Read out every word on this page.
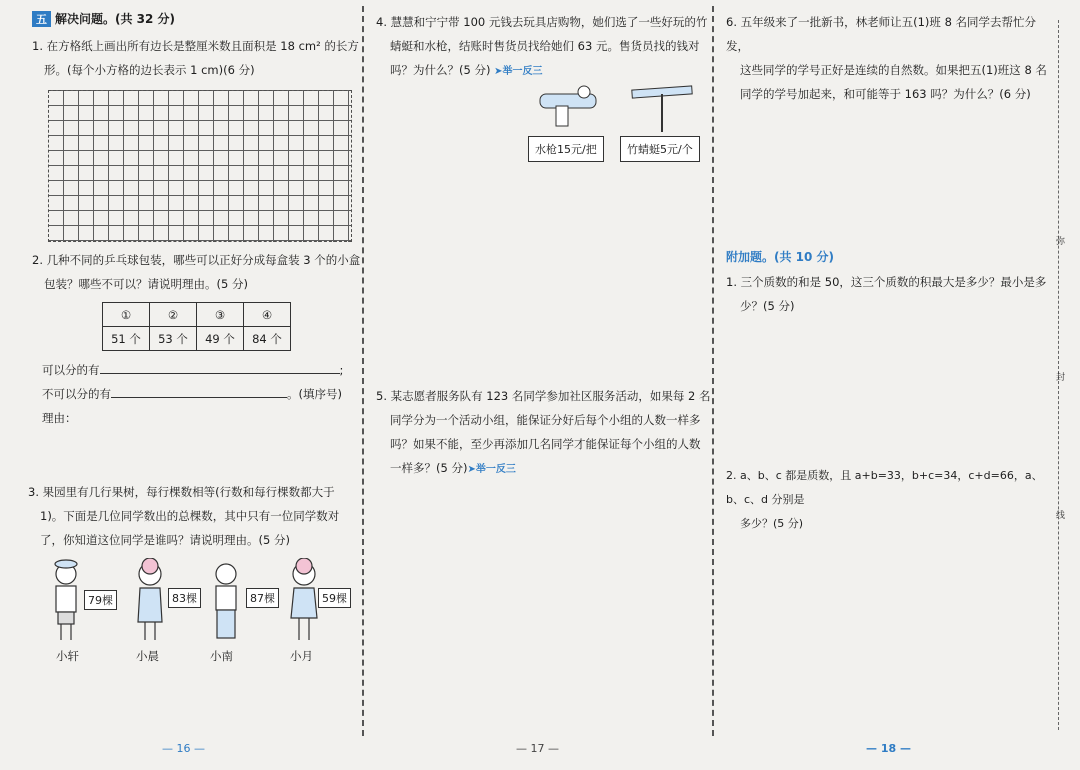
五 解决问题。(共 32 分)
1. 在方格纸上画出所有边长是整厘米数且面积是 18 cm² 的长方
形。(每个小方格的边长表示 1 cm)(6 分)
2. 几种不同的乒乓球包装，哪些可以正好分成每盒装 3 个的小盒
包装？哪些不可以？请说明理由。(5 分)
①	②	③	④
51 个	53 个	49 个	84 个
可以分的有	;
不可以分的有	。(填序号)
理由：
3. 果园里有几行果树，每行棵数相等(行数和每行棵数都大于
1)。下面是几位同学数出的总棵数，其中只有一位同学数对
了，你知道这位同学是谁吗？请说明理由。(5 分)
79棵	83棵	87棵	59棵
小轩	小晨	小南	小月
— 16 —
4. 慧慧和宁宁带 100 元钱去玩具店购物，她们选了一些好玩的竹
蜻蜓和水枪，结账时售货员找给她们 63 元。售货员找的钱对
吗？为什么？(5 分) ➤举一反三
水枪15元/把	竹蜻蜓5元/个
5. 某志愿者服务队有 123 名同学参加社区服务活动，如果每 2 名
同学分为一个活动小组，能保证分好后每个小组的人数一样多
吗？如果不能，至少再添加几名同学才能保证每个小组的人数
一样多？(5 分)➤举一反三
— 17 —
6. 五年级来了一批新书，林老师让五(1)班 8 名同学去帮忙分发，
这些同学的学号正好是连续的自然数。如果把五(1)班这 8 名
同学的学号加起来，和可能等于 163 吗？为什么？(6 分)
附加题。(共 10 分)
1. 三个质数的和是 50，这三个质数的积最大是多少？最小是多
少？(5 分)
2. a、b、c 都是质数，且 a+b=33，b+c=34，c+d=66，a、b、c、d 分别是
多少？(5 分)
— 18 —
弥
封
线
